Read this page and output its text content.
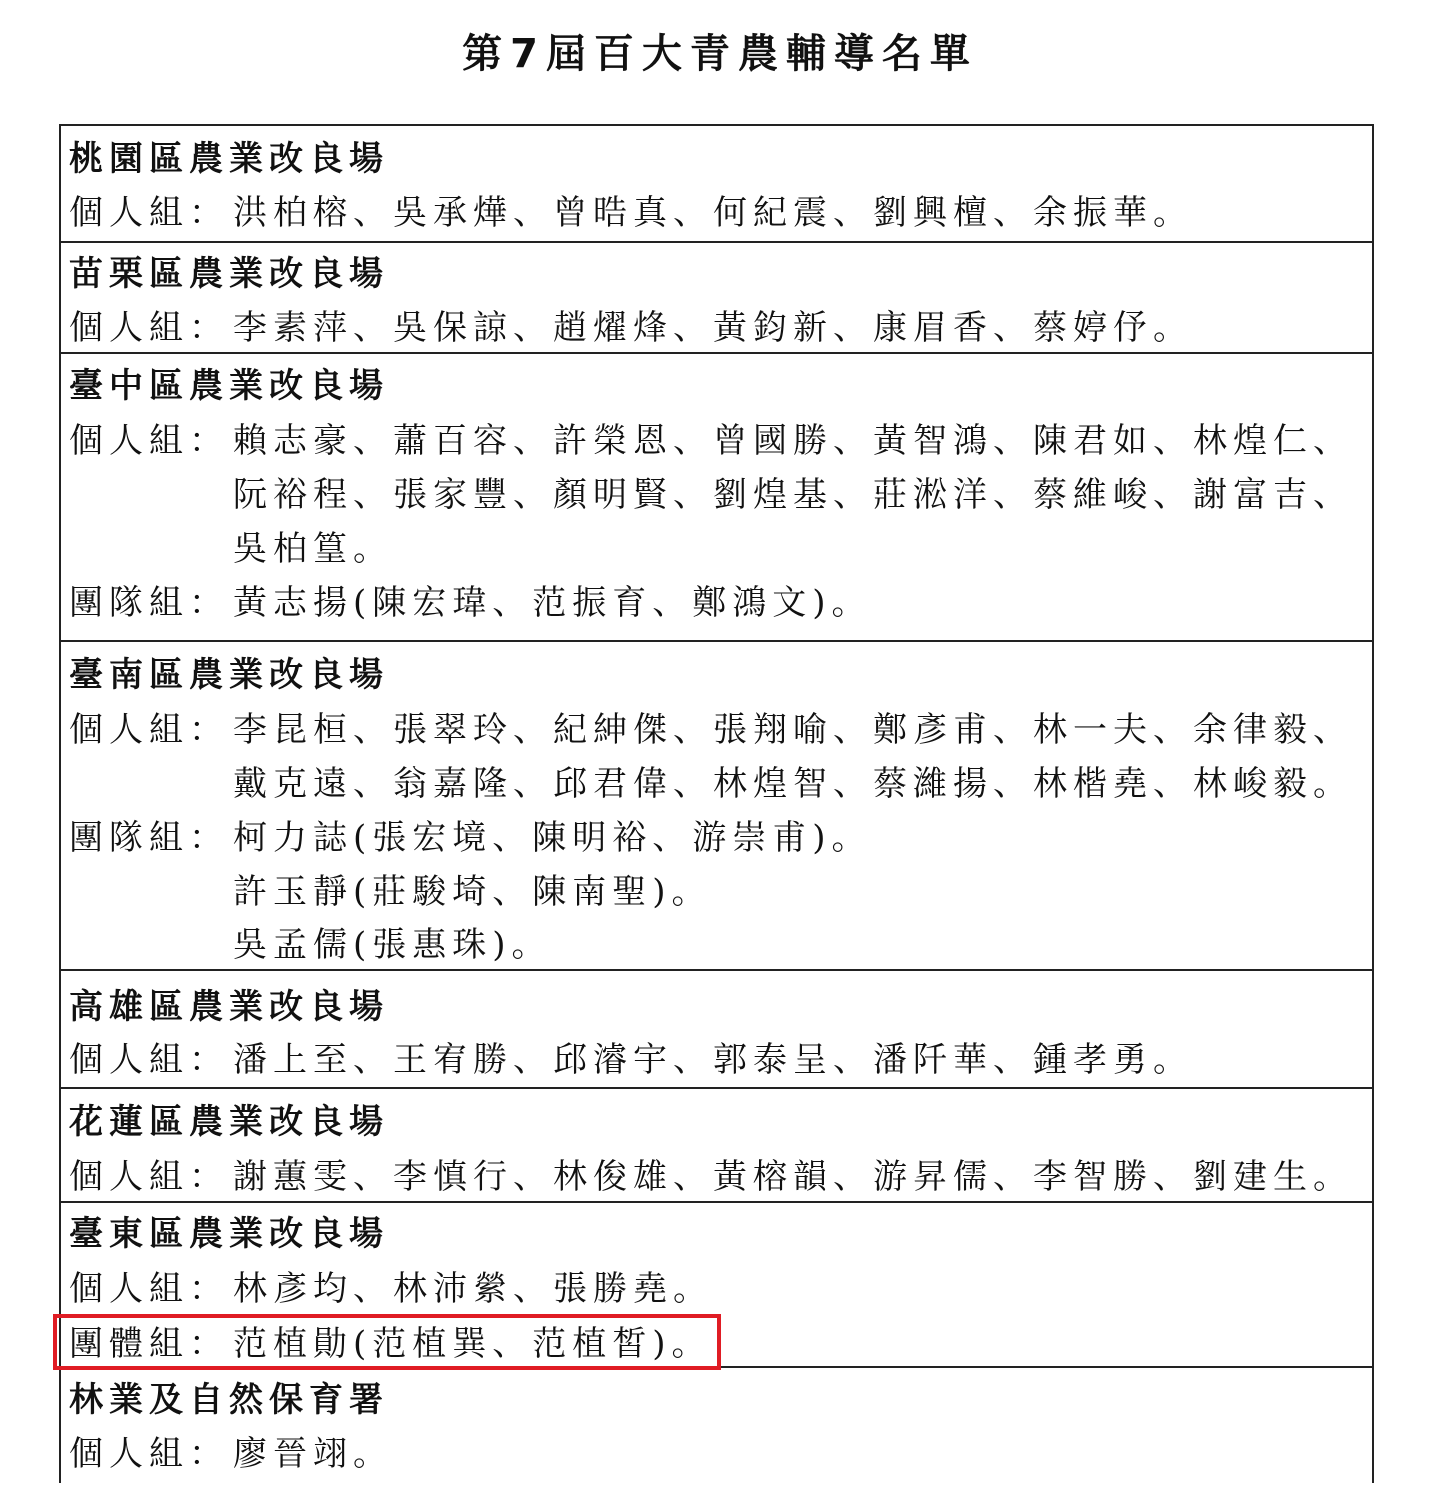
第7屆百大青農輔導名單
桃園區農業改良場
個人組： 洪柏榕、吳承燁、曾晧真、何紀震、劉興檀、余振華。
苗栗區農業改良場
個人組： 李素萍、吳保諒、趙燿烽、黃鈞新、康眉香、蔡婷伃。
臺中區農業改良場
個人組： 賴志豪、蕭百容、許榮恩、曾國勝、黃智鴻、陳君如、林煌仁、
阮裕程、張家豐、顏明賢、劉煌基、莊淞洋、蔡維峻、謝富吉、
吳柏篁。
團隊組： 黃志揚(陳宏瑋、范振育、鄭鴻文)。
臺南區農業改良場
個人組： 李昆桓、張翠玲、紀紳傑、張翔喻、鄭彥甫、林一夫、余律毅、
戴克遠、翁嘉隆、邱君偉、林煌智、蔡濰揚、林楷堯、林峻毅。
團隊組： 柯力誌(張宏境、陳明裕、游崇甫)。
許玉靜(莊駿埼、陳南聖)。
吳孟儒(張惠珠)。
高雄區農業改良場
個人組： 潘上至、王宥勝、邱濬宇、郭泰呈、潘阡華、鍾孝勇。
花蓮區農業改良場
個人組： 謝蕙雯、李慎行、林俊雄、黃榕韻、游昇儒、李智勝、劉建生。
臺東區農業改良場
個人組： 林彥均、林沛縈、張勝堯。
團體組： 范植勛(范植巽、范植皙)。
林業及自然保育署
個人組： 廖晉翊。
